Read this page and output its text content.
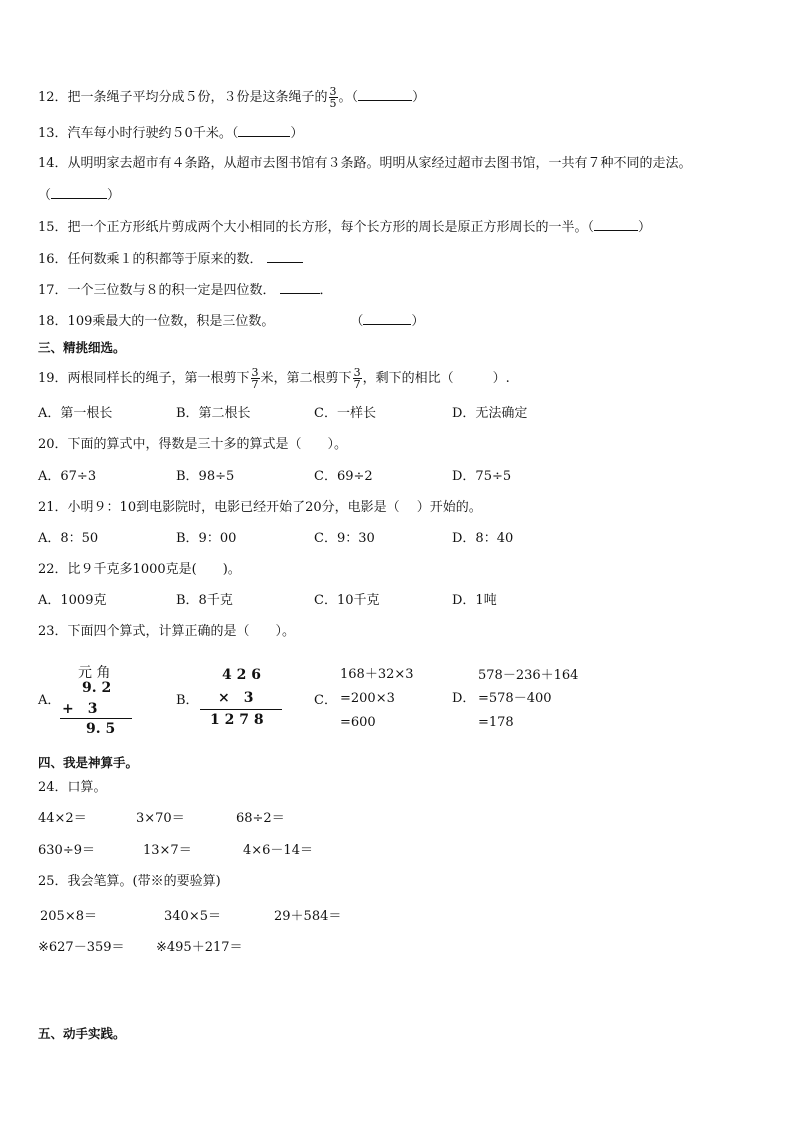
12．把一条绳子平均分成５份，３份是这条绳子的 $\frac{3}{5}$ 。（	）
13．汽车每小时行驶约５0千米。（	）
14．从明明家去超市有４条路，从超市去图书馆有３条路。明明从家经过超市去图书馆，一共有７种不同的走法。
（	）
15．把一个正方形纸片剪成两个大小相同的长方形，每个长方形的周长是原正方形周长的一半。（	）
16．任何数乘１的积都等于原来的数．
17．一个三位数与８的积一定是四位数．	．
18．109乘最大的一位数，积是三位数。	（	）
三、精挑细选。
19．两根同样长的绳子，第一根剪下 $\frac{3}{7}$ 米，第二根剪下 $\frac{3}{7}$ ，剩下的相比（　　　）.
A．第一根长	B．第二根长	C．一样长	D．无法确定
20．下面的算式中，得数是三十多的算式是（　　）。
A．67÷3	B．98÷5	C．69÷2	D．75÷5
21．小明９：10到电影院时，电影已经开始了20分，电影是（　 ）开始的。
A．8：50	B．9：00	C．9：30	D．8：40
22．比９千克多1000克是(　　)。
A．1009克	B．8千克	C．10千克	D．1吨
23．下面四个算式，计算正确的是（　　）。
A．
元 角
9. 2
+　3
9. 5
B．
4 2 6
×　3
1 2 7 8
C．
168＋32×3
=200×3
=600
D．
578－236＋164
=578－400
=178
四、我是神算手。
24．口算。
44×2＝	3×70＝	68÷2＝
630÷9＝	13×7＝	4×6－14＝
25．我会笔算。(带※的要验算)
205×8＝	340×5＝	29＋584＝
※627－359＝ ※495＋217＝
五、动手实践。
